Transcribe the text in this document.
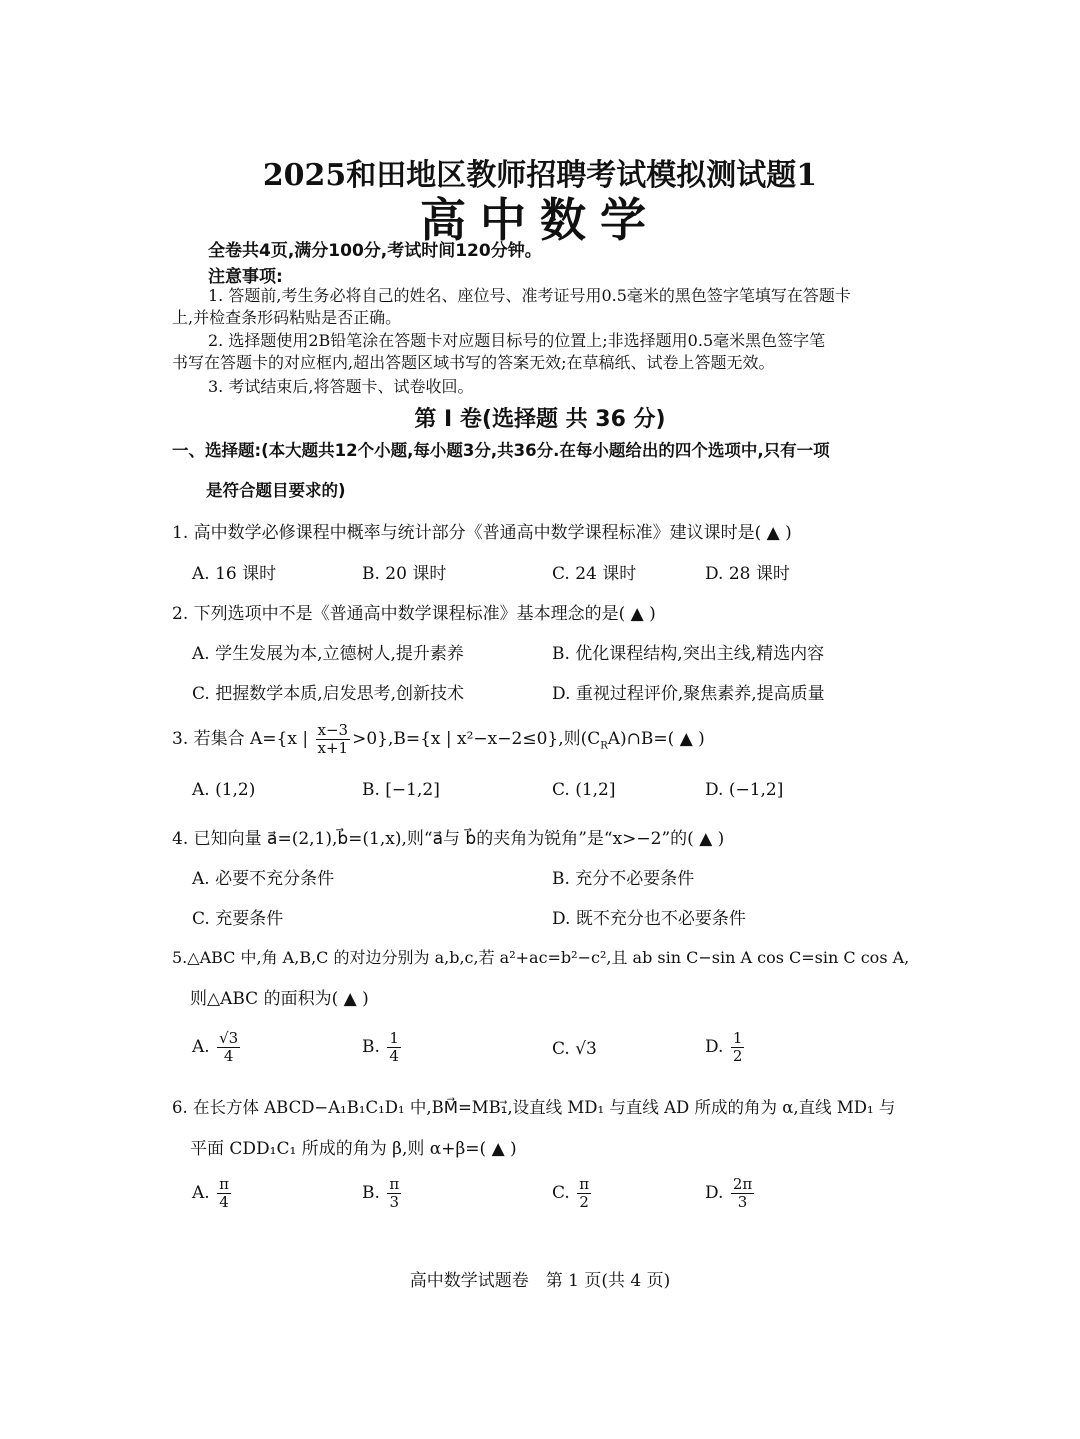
2025和田地区教师招聘考试模拟测试题1
高中数学
全卷共4页,满分100分,考试时间120分钟。
注意事项:
1. 答题前,考生务必将自己的姓名、座位号、准考证号用0.5毫米的黑色签字笔填写在答题卡
上,并检查条形码粘贴是否正确。
2. 选择题使用2B铅笔涂在答题卡对应题目标号的位置上;非选择题用0.5毫米黑色签字笔
书写在答题卡的对应框内,超出答题区域书写的答案无效;在草稿纸、试卷上答题无效。
3. 考试结束后,将答题卡、试卷收回。
第 Ⅰ 卷(选择题 共 36 分)
一、选择题:(本大题共12个小题,每小题3分,共36分.在每小题给出的四个选项中,只有一项
是符合题目要求的)
1. 高中数学必修课程中概率与统计部分《普通高中数学课程标准》建议课时是( ▲ )
A. 16 课时	B. 20 课时	C. 24 课时	D. 28 课时
2. 下列选项中不是《普通高中数学课程标准》基本理念的是( ▲ )
A. 学生发展为本,立德树人,提升素养	B. 优化课程结构,突出主线,精选内容
C. 把握数学本质,启发思考,创新技术	D. 重视过程评价,聚焦素养,提高质量
3. 若集合 A={x | $\frac{x-3}{x+1} >0\},B=\{x$ | x²−x−2≤0},则$(C_RA)\cap B=$( ▲ )
A. (1,2)	B. [−1,2]	C. (1,2]	D. (−1,2]
4. 已知向量 a⃗=(2,1),b⃗=(1,x),则“a⃗与 b⃗的夹角为锐角”是“x>−2”的( ▲ )
A. 必要不充分条件	B. 充分不必要条件
C. 充要条件	D. 既不充分也不必要条件
5.△ABC 中,角 A,B,C 的对边分别为 a,b,c,若 a²+ac=b²−c²,且 ab sin C−sin A cos C=sin C cos A,
则△ABC 的面积为( ▲ )
A. $\frac{√3}{4}$	B. $\frac{1}{4}$	C. √3	D. $\frac{1}{2}$
6. 在长方体 ABCD−A₁B₁C₁D₁ 中,BM⃗=MB₁⃗,设直线 MD₁ 与直线 AD 所成的角为 α,直线 MD₁ 与
平面 CDD₁C₁ 所成的角为 β,则 α+β=( ▲ )
A. $\frac{\pi}{4}$	B. $\frac{\pi}{3}$	C. $\frac{\pi}{2}$	D. $\frac{2\pi}{3}$
高中数学试题卷　第 1 页(共 4 页)
